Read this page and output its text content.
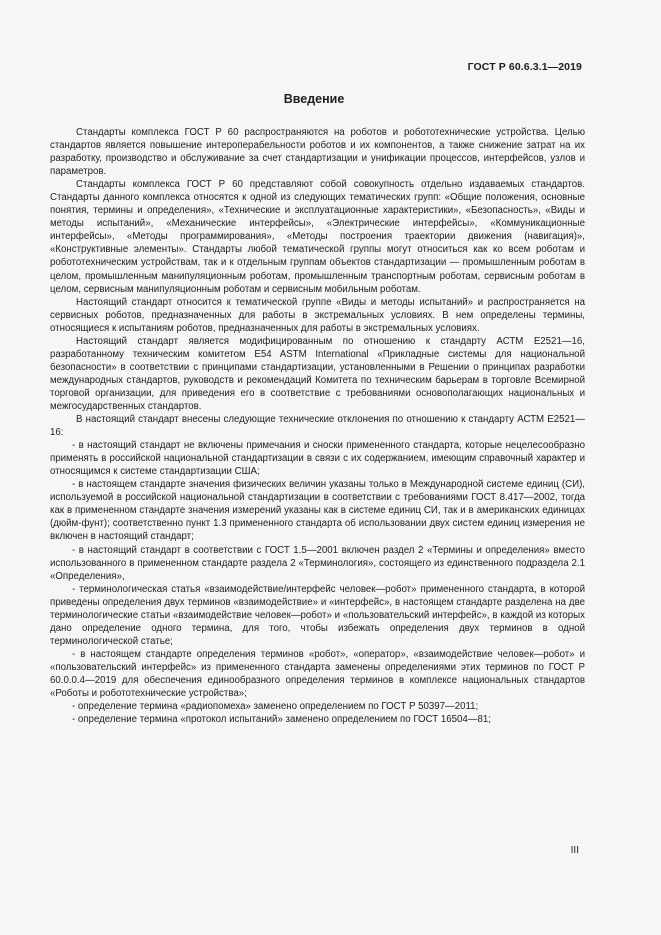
ГОСТ Р 60.6.3.1—2019
Введение

Стандарты комплекса ГОСТ Р 60 распространяются на роботов и робототехнические устройства. Целью стандартов является повышение интероперабельности роботов и их компонентов, а также снижение затрат на их разработку, производство и обслуживание за счет стандартизации и унификации процессов, интерфейсов, узлов и параметров.

Стандарты комплекса ГОСТ Р 60 представляют собой совокупность отдельно издаваемых стандартов. Стандарты данного комплекса относятся к одной из следующих тематических групп: «Общие положения, основные понятия, термины и определения», «Технические и эксплуатационные характеристики», «Безопасность», «Виды и методы испытаний», «Механические интерфейсы», «Электрические интерфейсы», «Коммуникационные интерфейсы», «Методы программирования», «Методы построения траектории движения (навигация)», «Конструктивные элементы». Стандарты любой тематической группы могут относиться как ко всем роботам и робототехническим устройствам, так и к отдельным группам объектов стандартизации — промышленным роботам в целом, промышленным манипуляционным роботам, промышленным транспортным роботам, сервисным роботам в целом, сервисным манипуляционным роботам и сервисным мобильным роботам.

Настоящий стандарт относится к тематической группе «Виды и методы испытаний» и распространяется на сервисных роботов, предназначенных для работы в экстремальных условиях. В нем определены термины, относящиеся к испытаниям роботов, предназначенных для работы в экстремальных условиях.

Настоящий стандарт является модифицированным по отношению к стандарту АСТМ E2521—16, разработанному техническим комитетом E54 ASTM International «Прикладные системы для национальной безопасности» в соответствии с принципами стандартизации, установленными в Решении о принципах разработки международных стандартов, руководств и рекомендаций Комитета по техническим барьерам в торговле Всемирной торговой организации, для приведения его в соответствие с требованиями основополагающих национальных и межгосударственных стандартов.

В настоящий стандарт внесены следующие технические отклонения по отношению к стандарту АСТМ E2521—16:

- в настоящий стандарт не включены примечания и сноски примененного стандарта, которые нецелесообразно применять в российской национальной стандартизации в связи с их содержанием, имеющим справочный характер и относящимся к системе стандартизации США;

- в настоящем стандарте значения физических величин указаны только в Международной системе единиц (СИ), используемой в российской национальной стандартизации в соответствии с требованиями ГОСТ 8.417—2002, тогда как в примененном стандарте значения измерений указаны как в системе единиц СИ, так и в американских единицах (дюйм-фунт); соответственно пункт 1.3 примененного стандарта об использовании двух систем единиц измерения не включен в настоящий стандарт;

- в настоящий стандарт в соответствии с ГОСТ 1.5—2001 включен раздел 2 «Термины и определения» вместо использованного в примененном стандарте раздела 2 «Терминология», состоящего из единственного подраздела 2.1 «Определения»,

- терминологическая статья «взаимодействие/интерфейс человек—робот» примененного стандарта, в которой приведены определения двух терминов «взаимодействие» и «интерфейс», в настоящем стандарте разделена на две терминологические статьи «взаимодействие человек—робот» и «пользовательский интерфейс», в каждой из которых дано определение одного термина, для того, чтобы избежать определения двух терминов в одной терминологической статье;

- в настоящем стандарте определения терминов «робот», «оператор», «взаимодействие человек—робот» и «пользовательский интерфейс» из примененного стандарта заменены определениями этих терминов по ГОСТ Р 60.0.0.4—2019 для обеспечения единообразного определения терминов в комплексе национальных стандартов «Роботы и робототехнические устройства»;

- определение термина «радиопомеха» заменено определением по ГОСТ Р 50397—2011;

- определение термина «протокол испытаний» заменено определением по ГОСТ 16504—81;

III
